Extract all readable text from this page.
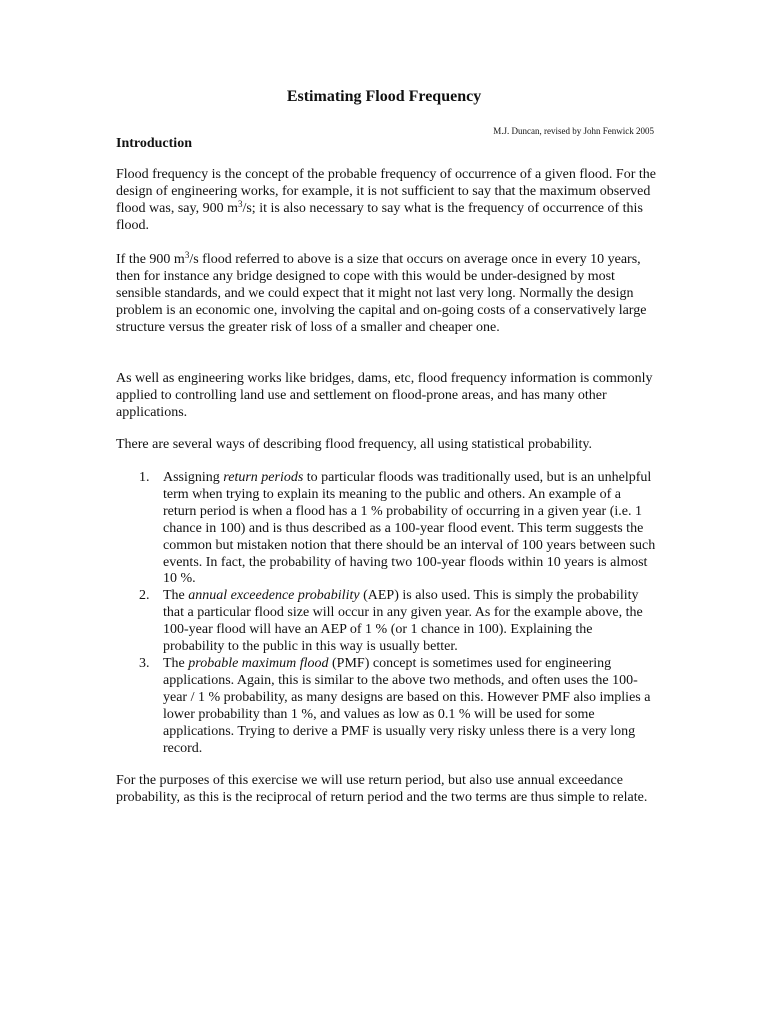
Estimating Flood Frequency
M.J. Duncan, revised by John Fenwick 2005
Introduction

Flood frequency is the concept of the probable frequency of occurrence of a given flood. For the design of engineering works, for example, it is not sufficient to say that the maximum observed flood was, say, 900 $m^3/s$; it is also necessary to say what is the frequency of occurrence of this flood.

If the 900 $m^3/s$ flood referred to above is a size that occurs on average once in every 10 years, then for instance any bridge designed to cope with this would be under-designed by most sensible standards, and we could expect that it might not last very long. Normally the design problem is an economic one, involving the capital and on-going costs of a conservatively large structure versus the greater risk of loss of a smaller and cheaper one.

As well as engineering works like bridges, dams, etc, flood frequency information is commonly applied to controlling land use and settlement on flood-prone areas, and has many other applications.

There are several ways of describing flood frequency, all using statistical probability.

1. Assigning return periods to particular floods was traditionally used, but is an unhelpful term when trying to explain its meaning to the public and others. An example of a return period is when a flood has a 1 % probability of occurring in a given year (i.e. 1 chance in 100) and is thus described as a 100-year flood event. This term suggests the common but mistaken notion that there should be an interval of 100 years between such events. In fact, the probability of having two 100-year floods within 10 years is almost 10 %.
2. The annual exceedence probability (AEP) is also used. This is simply the probability that a particular flood size will occur in any given year. As for the example above, the 100-year flood will have an AEP of 1 % (or 1 chance in 100). Explaining the probability to the public in this way is usually better.
3. The probable maximum flood (PMF) concept is sometimes used for engineering applications. Again, this is similar to the above two methods, and often uses the 100-year / 1 % probability, as many designs are based on this. However PMF also implies a lower probability than 1 %, and values as low as 0.1 % will be used for some applications. Trying to derive a PMF is usually very risky unless there is a very long record.

For the purposes of this exercise we will use return period, but also use annual exceedance probability, as this is the reciprocal of return period and the two terms are thus simple to relate.
